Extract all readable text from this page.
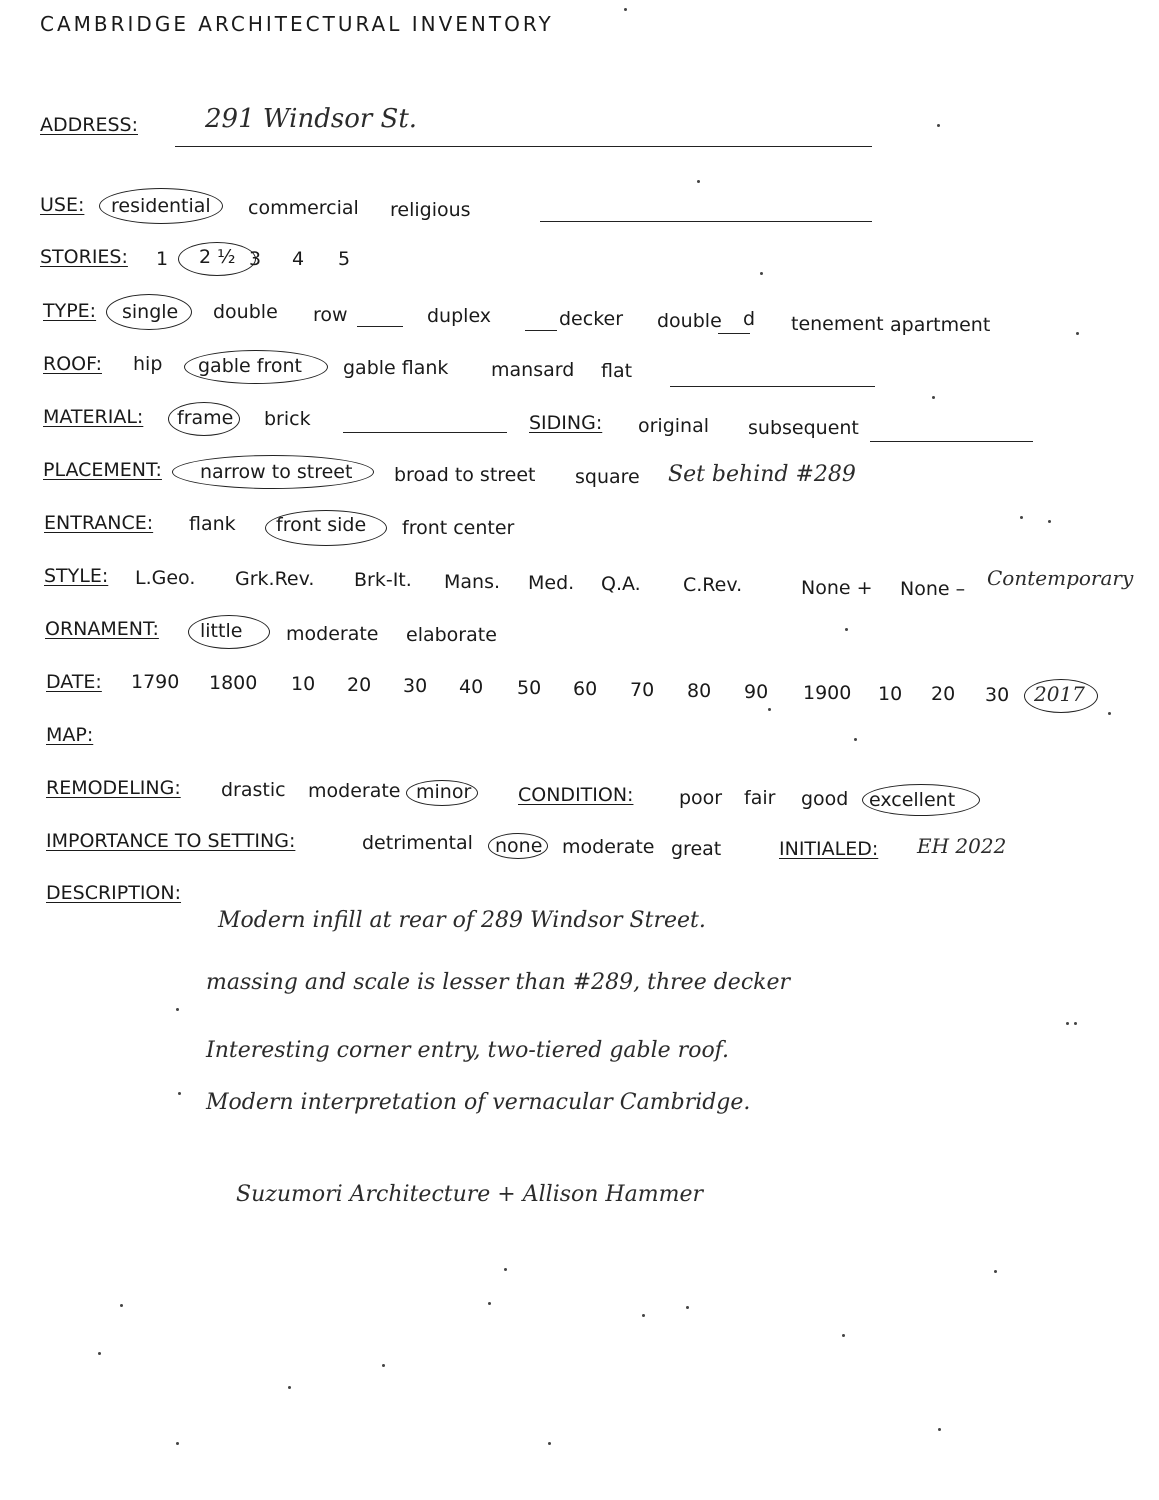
CAMBRIDGE ARCHITECTURAL INVENTORY
ADDRESS:	291 Windsor St.
USE: residential commercial religious
STORIES: 1 2 ½ 3 4 5
TYPE: single double row	duplex	decker double d tenement apartment
ROOF: hip gable front gable flank mansard flat
MATERIAL: frame brick	SIDING: original subsequent
PLACEMENT: narrow to street broad to street square Set behind #289
ENTRANCE: flank front side front center
STYLE: L.Geo. Grk.Rev. Brk-It. Mans. Med. Q.A. C.Rev.	None + None – Contemporary
ORNAMENT: little moderate elaborate
DATE: 1790 1800 10 20 30 40 50 60 70 80 90 1900 10 20 30 2017
MAP:
REMODELING: drastic moderate minor CONDITION: poor fair good excellent
IMPORTANCE TO SETTING:	detrimental none moderate great	INITIALED: EH 2022
DESCRIPTION:
Modern infill at rear of 289 Windsor Street.
massing and scale is lesser than #289, three decker
Interesting corner entry, two-tiered gable roof.
Modern interpretation of vernacular Cambridge.
Suzumori Architecture + Allison Hammer
